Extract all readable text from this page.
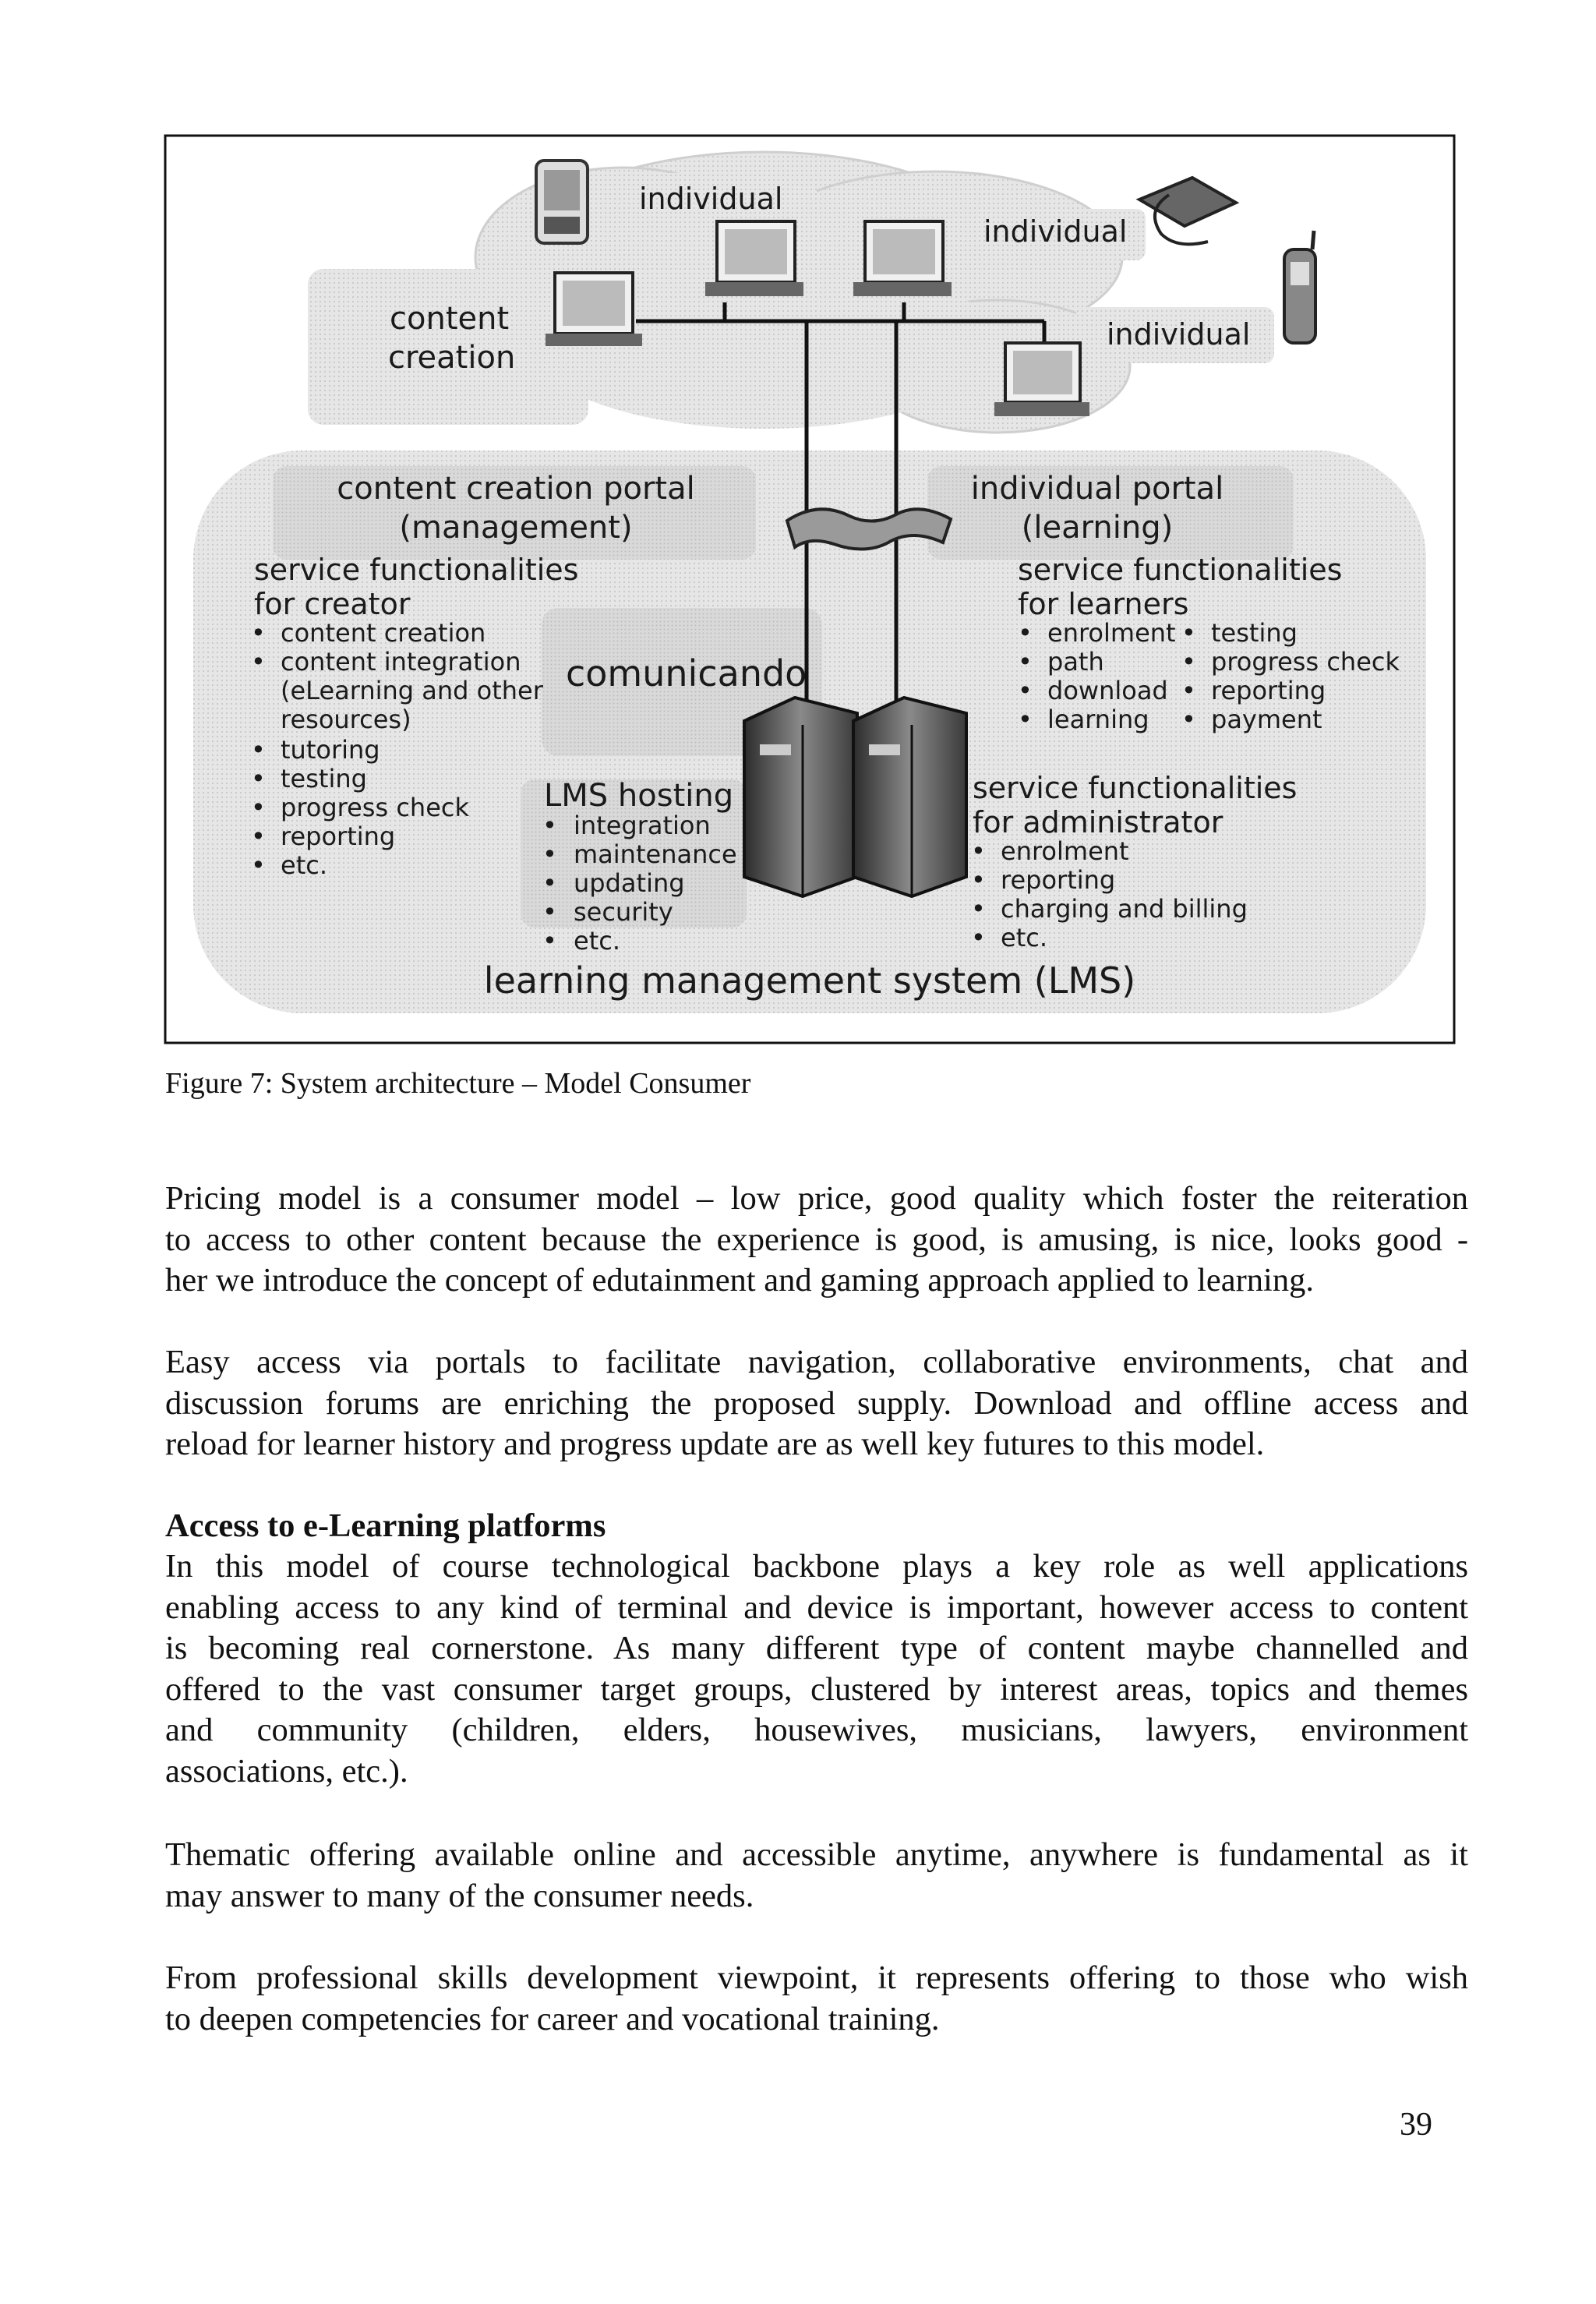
individual
individual
individual
content
creation
content creation portal
(management)
individual portal
(learning)
service functionalities
for creator
• content creation
• content integration
(eLearning and other
resources)
• tutoring
• testing
• progress check
• reporting
• etc.
comunicando
service functionalities
for learners
• enrolment
• path
• download
• learning
• testing
• progress check
• reporting
• payment
LMS hosting
• integration
• maintenance
• updating
• security
• etc.
service functionalities
for administrator
• enrolment
• reporting
• charging and billing
• etc.
learning management system (LMS)
Figure 7: System architecture – Model Consumer
Pricing model is a consumer model – low price, good quality which foster the reiteration
to access to other content because the experience is good, is amusing, is nice, looks good -
her we introduce the concept of edutainment and gaming approach applied to learning.
Easy access via portals to facilitate navigation, collaborative environments, chat and
discussion forums are enriching the proposed supply. Download and offline access and
reload for learner history and progress update are as well key futures to this model.
Access to e-Learning platforms
In this model of course technological backbone plays a key role as well applications
enabling access to any kind of terminal and device is important, however access to content
is becoming real cornerstone. As many different type of content maybe channelled and
offered to the vast consumer target groups, clustered by interest areas, topics and themes
and community (children, elders, housewives, musicians, lawyers, environment
associations, etc.).
Thematic offering available online and accessible anytime, anywhere is fundamental as it
may answer to many of the consumer needs.
From professional skills development viewpoint, it represents offering to those who wish
to deepen competencies for career and vocational training.
39
